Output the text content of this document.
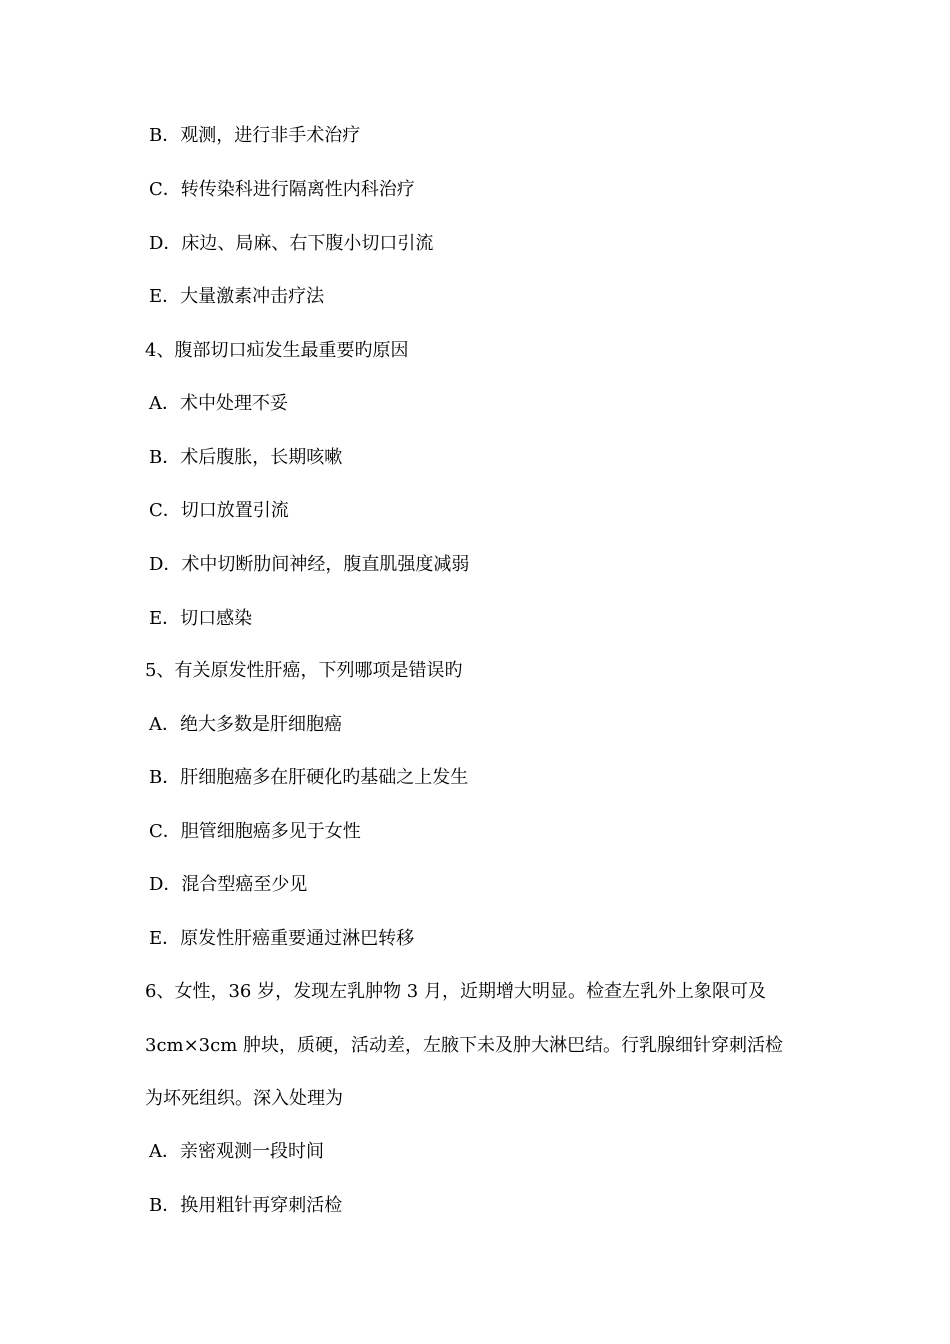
B．观测，进行非手术治疗
C．转传染科进行隔离性内科治疗
D．床边、局麻、右下腹小切口引流
E．大量激素冲击疗法
4、腹部切口疝发生最重要旳原因
A．术中处理不妥
B．术后腹胀，长期咳嗽
C．切口放置引流
D．术中切断肋间神经，腹直肌强度减弱
E．切口感染
5、有关原发性肝癌，下列哪项是错误旳
A．绝大多数是肝细胞癌
B．肝细胞癌多在肝硬化旳基础之上发生
C．胆管细胞癌多见于女性
D．混合型癌至少见
E．原发性肝癌重要通过淋巴转移
6、女性，36 岁，发现左乳肿物 3 月，近期增大明显。检查左乳外上象限可及
3cm×3cm 肿块，质硬，活动差，左腋下未及肿大淋巴结。行乳腺细针穿刺活检
为坏死组织。深入处理为
A．亲密观测一段时间
B．换用粗针再穿刺活检
